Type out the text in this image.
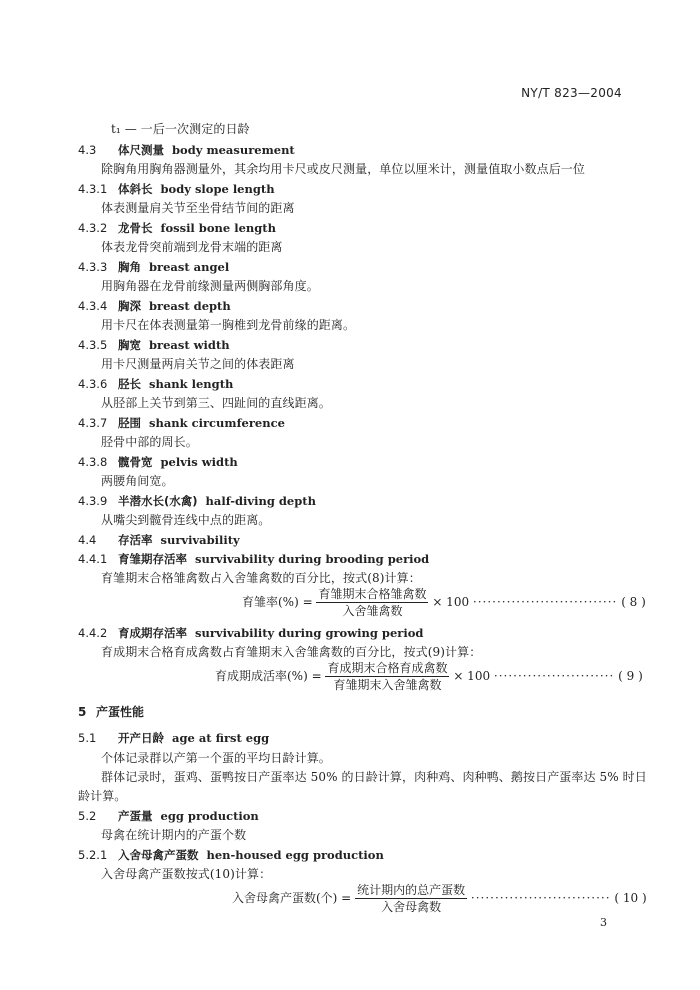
NY/T 823—2004
t₁ — 一后一次测定的日龄
4.3 体尺测量 body measurement
除胸角用胸角器测量外，其余均用卡尺或皮尺测量，单位以厘米计，测量值取小数点后一位
4.3.1 体斜长 body slope length
体表测量肩关节至坐骨结节间的距离
4.3.2 龙骨长 fossil bone length
体表龙骨突前端到龙骨末端的距离
4.3.3 胸角 breast angel
用胸角器在龙骨前缘测量两侧胸部角度。
4.3.4 胸深 breast depth
用卡尺在体表测量第一胸椎到龙骨前缘的距离。
4.3.5 胸宽 breast width
用卡尺测量两肩关节之间的体表距离
4.3.6 胫长 shank length
从胫部上关节到第三、四趾间的直线距离。
4.3.7 胫围 shank circumference
胫骨中部的周长。
4.3.8 髋骨宽 pelvis width
两腰角间宽。
4.3.9 半潜水长(水禽) half-diving depth
从嘴尖到髋骨连线中点的距离。
4.4 存活率 survivability
4.4.1 育雏期存活率 survivability during brooding period
育雏期末合格雏禽数占入舍雏禽数的百分比，按式(8)计算：
育雏率(%) = $\frac{\text{育雏期末合格雏禽数}}{\text{入舍雏禽数}} \times 100$ ······························ ( 8 )
4.4.2 育成期存活率 survivability during growing period
育成期末合格育成禽数占育雏期末入舍雏禽数的百分比，按式(9)计算：
育成期成活率(%) = $\frac{\text{育成期末合格育成禽数}}{\text{育雏期末入舍雏禽数}} \times 100$ ························· ( 9 )
5 产蛋性能
5.1 开产日龄 age at first egg
个体记录群以产第一个蛋的平均日龄计算。
群体记录时，蛋鸡、蛋鸭按日产蛋率达 50% 的日龄计算，肉种鸡、肉种鸭、鹅按日产蛋率达 5% 时日
龄计算。
5.2 产蛋量 egg production
母禽在统计期内的产蛋个数
5.2.1 入舍母禽产蛋数 hen-housed egg production
入舍母禽产蛋数按式(10)计算：
入舍母禽产蛋数(个) = $\frac{\text{统计期内的总产蛋数}}{\text{入舍母禽数}}$ ····························· ( 10 )
3
